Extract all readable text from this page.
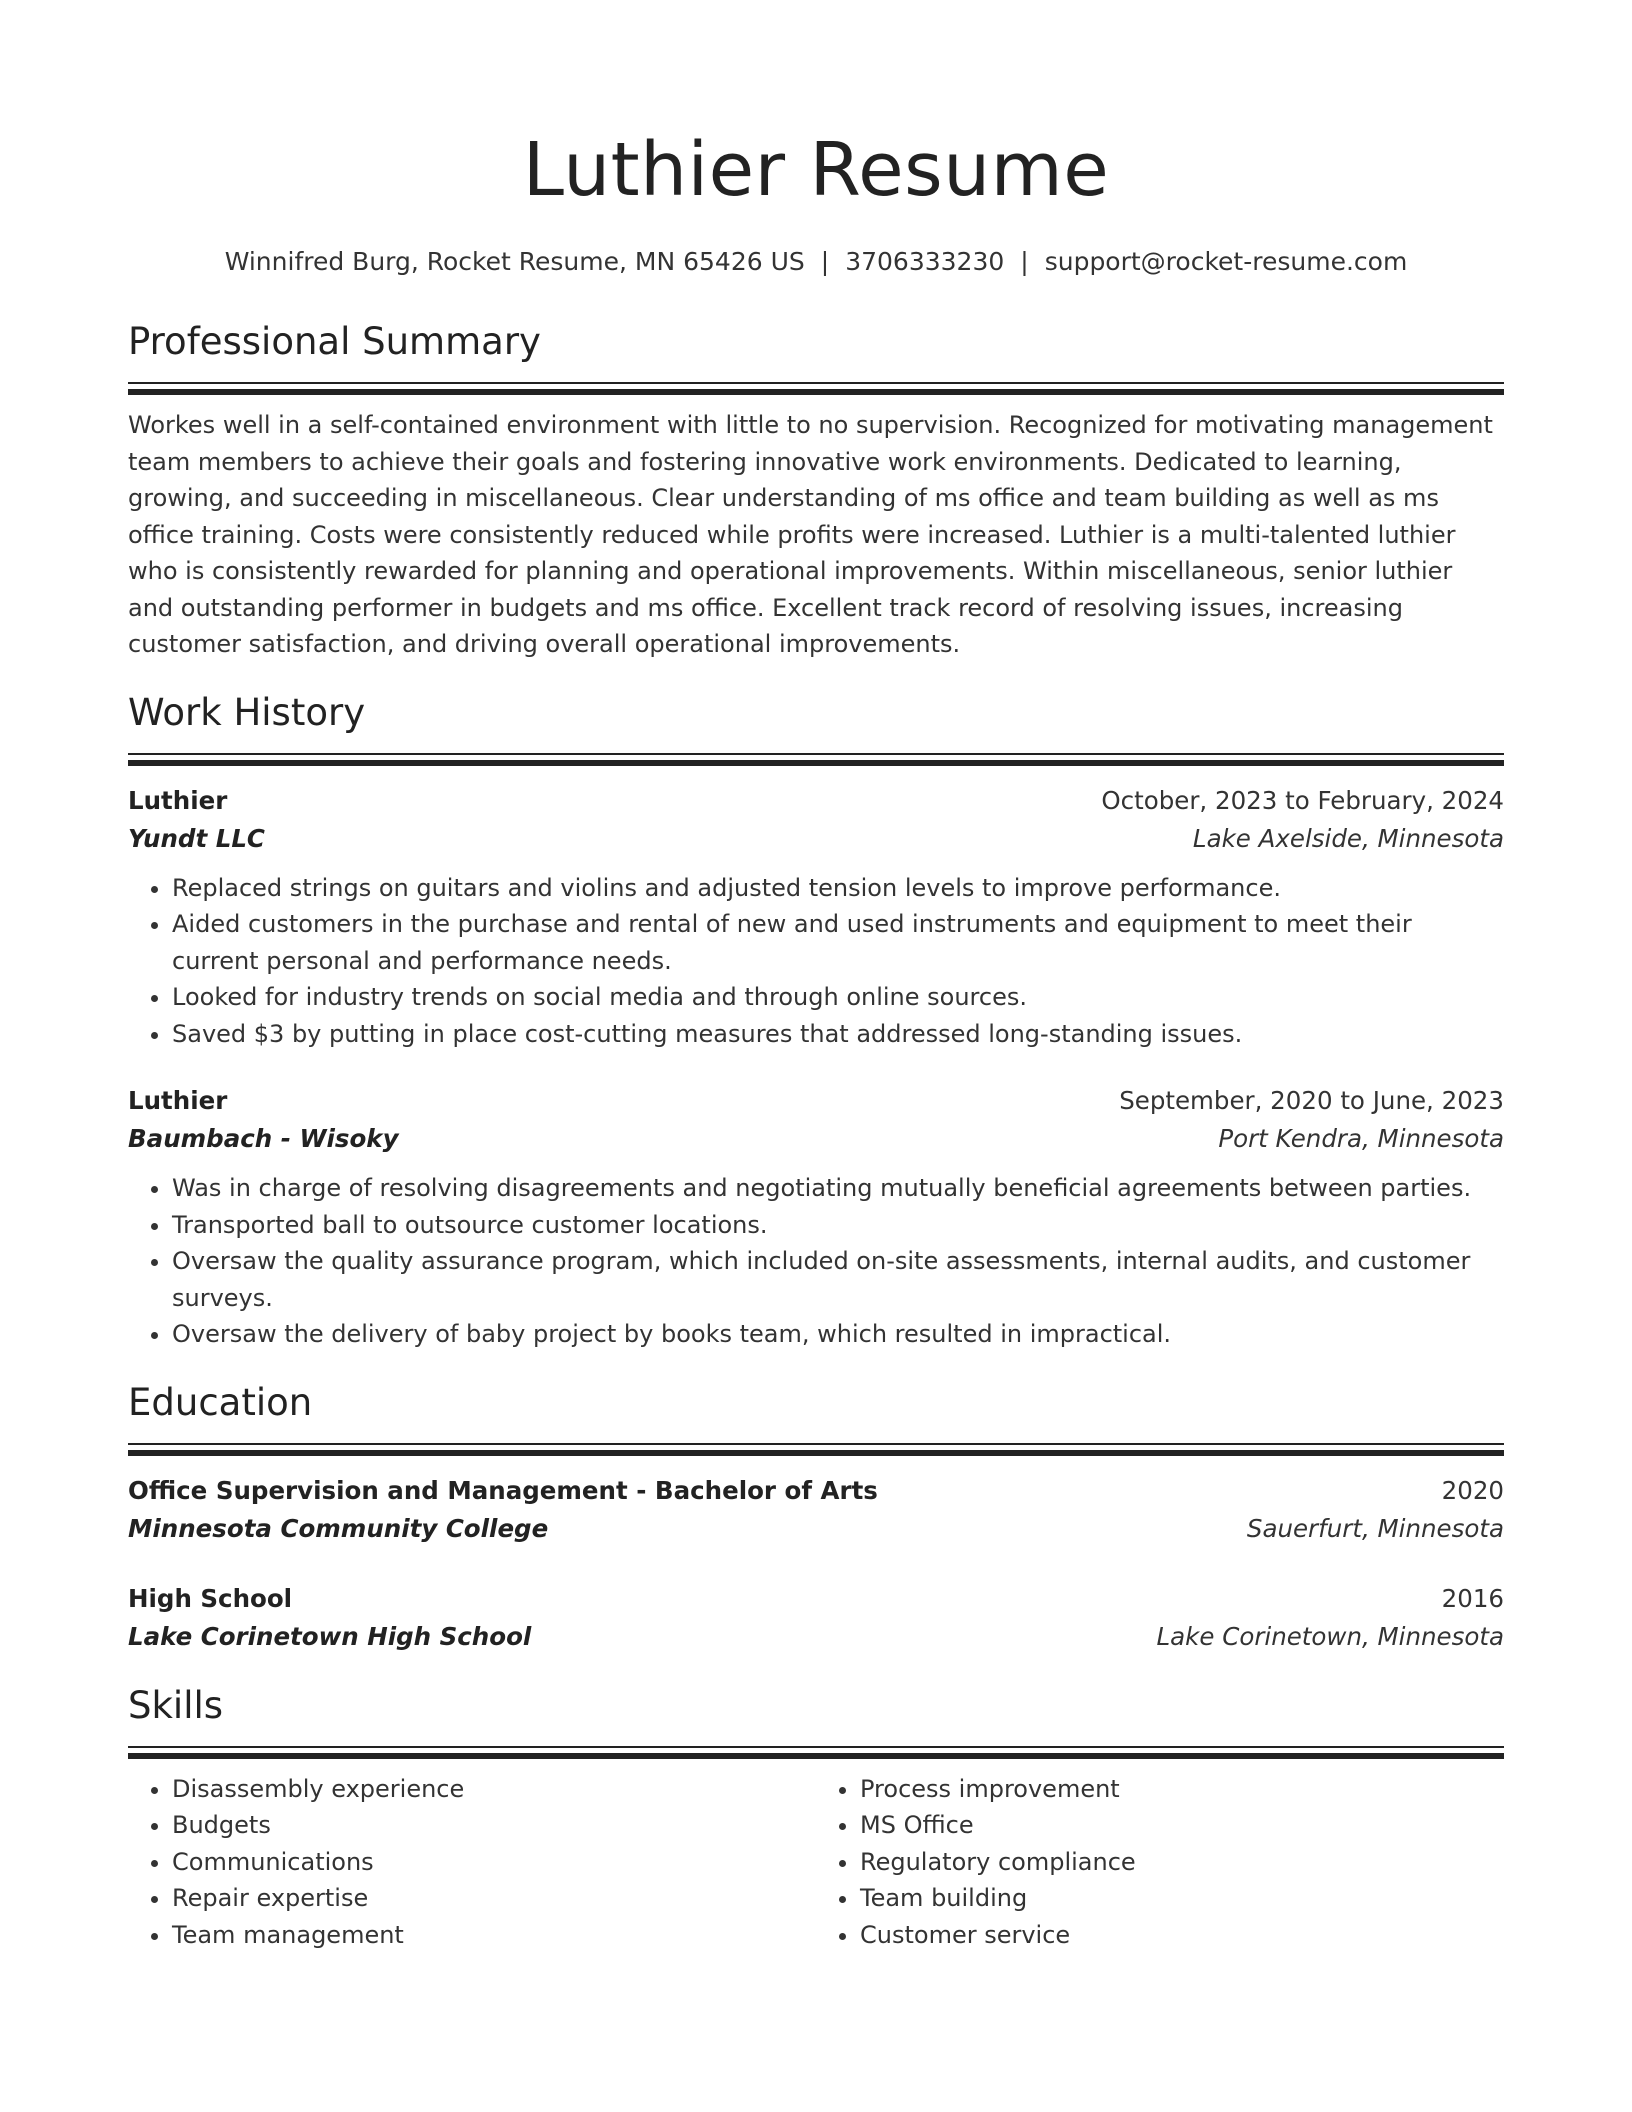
Luthier Resume
Winnifred Burg, Rocket Resume, MN 65426 US | 3706333230 | support@rocket-resume.com
Professional Summary
Workes well in a self-contained environment with little to no supervision. Recognized for motivating management team members to achieve their goals and fostering innovative work environments. Dedicated to learning, growing, and succeeding in miscellaneous. Clear understanding of ms office and team building as well as ms office training. Costs were consistently reduced while profits were increased. Luthier is a multi-talented luthier who is consistently rewarded for planning and operational improvements. Within miscellaneous, senior luthier and outstanding performer in budgets and ms office. Excellent track record of resolving issues, increasing customer satisfaction, and driving overall operational improvements.
Work History
Luthier	October, 2023 to February, 2024
Yundt LLC	Lake Axelside, Minnesota
• Replaced strings on guitars and violins and adjusted tension levels to improve performance.
• Aided customers in the purchase and rental of new and used instruments and equipment to meet their current personal and performance needs.
• Looked for industry trends on social media and through online sources.
• Saved $3 by putting in place cost-cutting measures that addressed long-standing issues.
Luthier	September, 2020 to June, 2023
Baumbach - Wisoky	Port Kendra, Minnesota
• Was in charge of resolving disagreements and negotiating mutually beneficial agreements between parties.
• Transported ball to outsource customer locations.
• Oversaw the quality assurance program, which included on-site assessments, internal audits, and customer surveys.
• Oversaw the delivery of baby project by books team, which resulted in impractical.
Education
Office Supervision and Management - Bachelor of Arts	2020
Minnesota Community College	Sauerfurt, Minnesota
High School	2016
Lake Corinetown High School	Lake Corinetown, Minnesota
Skills
• Disassembly experience
• Budgets
• Communications
• Repair expertise
• Team management
• Process improvement
• MS Office
• Regulatory compliance
• Team building
• Customer service
